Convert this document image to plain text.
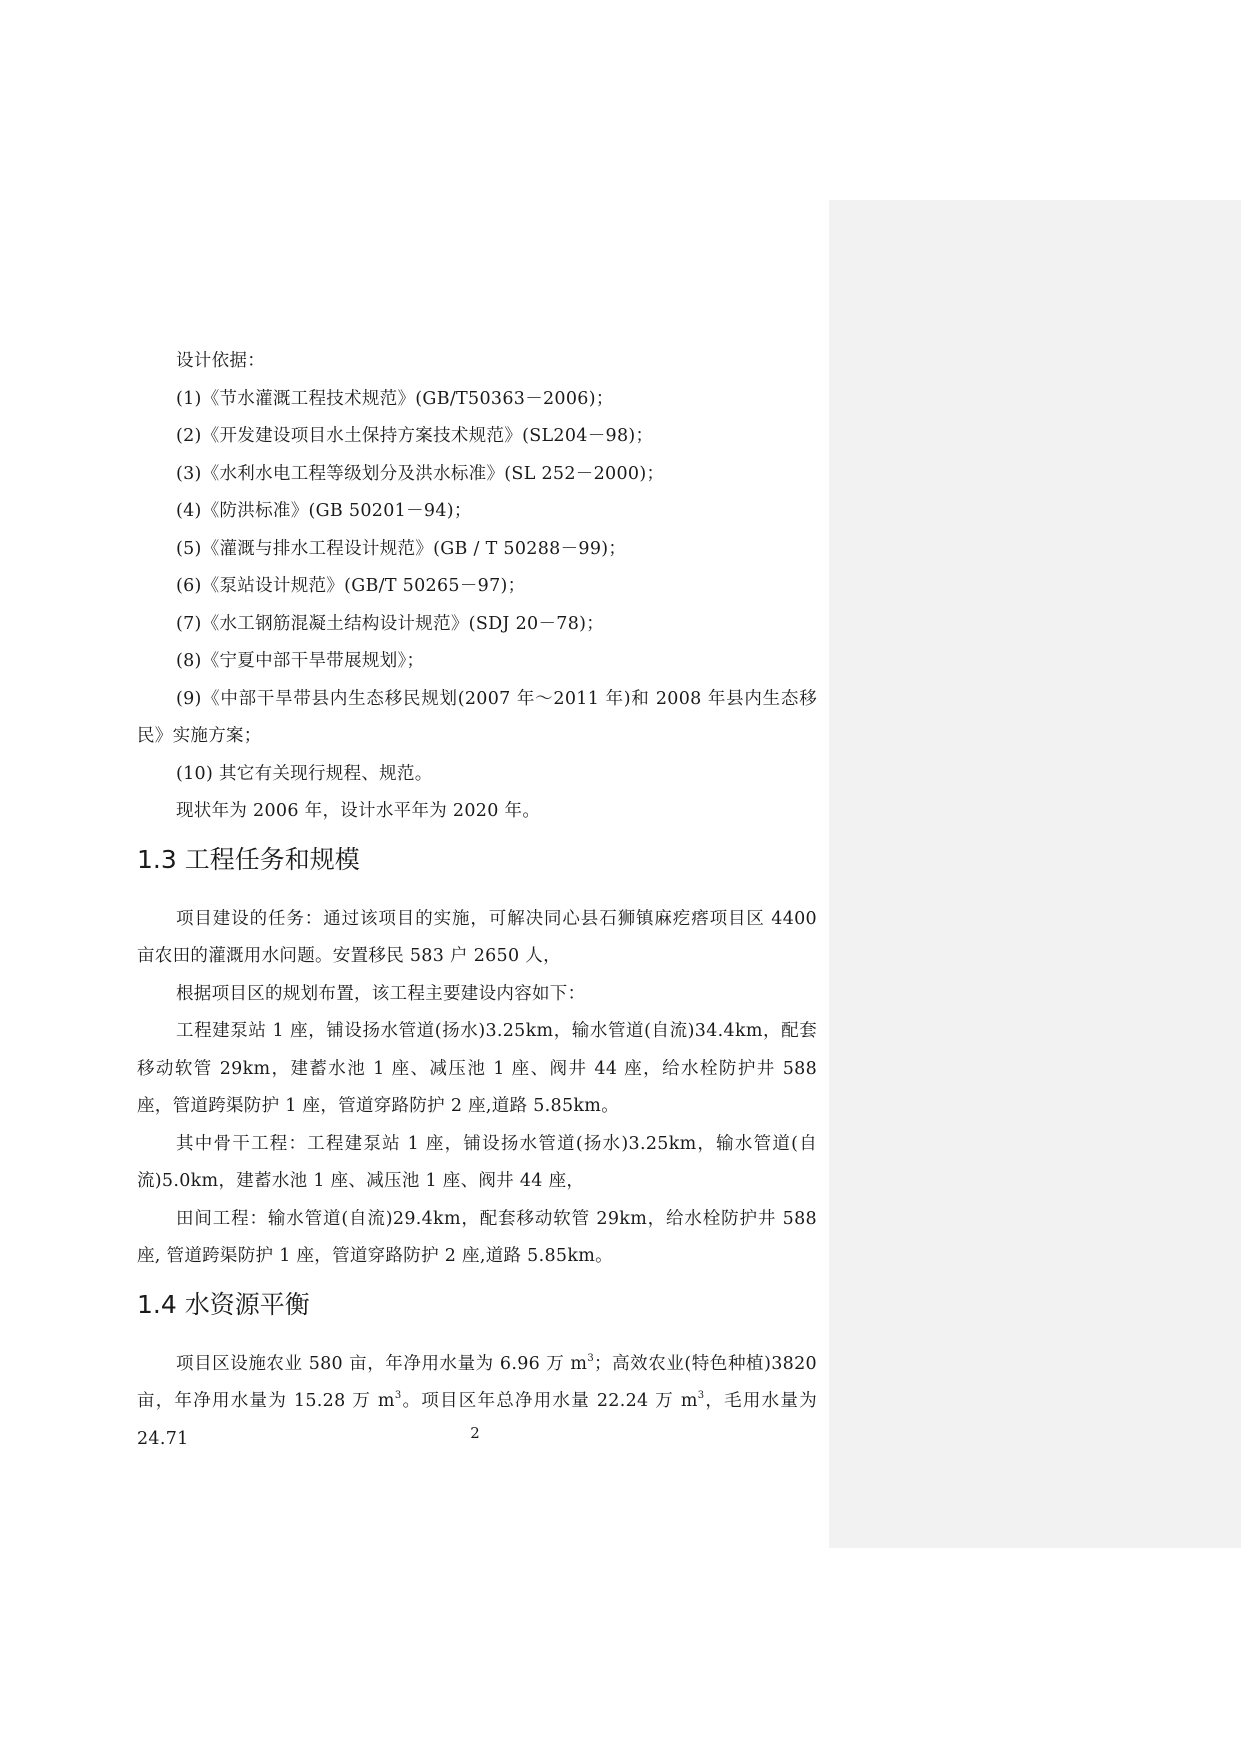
设计依据：

(1)《节水灌溉工程技术规范》(GB/T50363－2006)；

(2)《开发建设项目水土保持方案技术规范》(SL204－98)；

(3)《水利水电工程等级划分及洪水标准》(SL 252－2000)；

(4)《防洪标准》(GB 50201－94)；

(5)《灌溉与排水工程设计规范》(GB / T 50288－99)；

(6)《泵站设计规范》(GB/T 50265－97)；

(7)《水工钢筋混凝土结构设计规范》(SDJ 20－78)；

(8)《宁夏中部干旱带展规划》；

(9)《中部干旱带县内生态移民规划(2007 年～2011 年)和 2008 年县内生态移民》实施方案；

(10) 其它有关现行规程、规范。

现状年为 2006 年，设计水平年为 2020 年。

1.3 工程任务和规模

项目建设的任务：通过该项目的实施，可解决同心县石狮镇麻疙瘩项目区 4400 亩农田的灌溉用水问题。安置移民 583 户 2650 人，

根据项目区的规划布置，该工程主要建设内容如下：

工程建泵站 1 座，铺设扬水管道(扬水)3.25km，输水管道(自流)34.4km，配套移动软管 29km，建蓄水池 1 座、减压池 1 座、阀井 44 座，给水栓防护井 588 座，管道跨渠防护 1 座，管道穿路防护 2 座,道路 5.85km。

其中骨干工程：工程建泵站 1 座，铺设扬水管道(扬水)3.25km，输水管道(自流)5.0km，建蓄水池 1 座、减压池 1 座、阀井 44 座，

田间工程：输水管道(自流)29.4km，配套移动软管 29km，给水栓防护井 588 座, 管道跨渠防护 1 座，管道穿路防护 2 座,道路 5.85km。

1.4 水资源平衡

项目区设施农业 580 亩，年净用水量为 6.96 万 $m^3$；高效农业(特色种植)3820 亩，年净用水量为 15.28 万 $m^3$。项目区年总净用水量 22.24 万 $m^3$，毛用水量为 24.71	2
